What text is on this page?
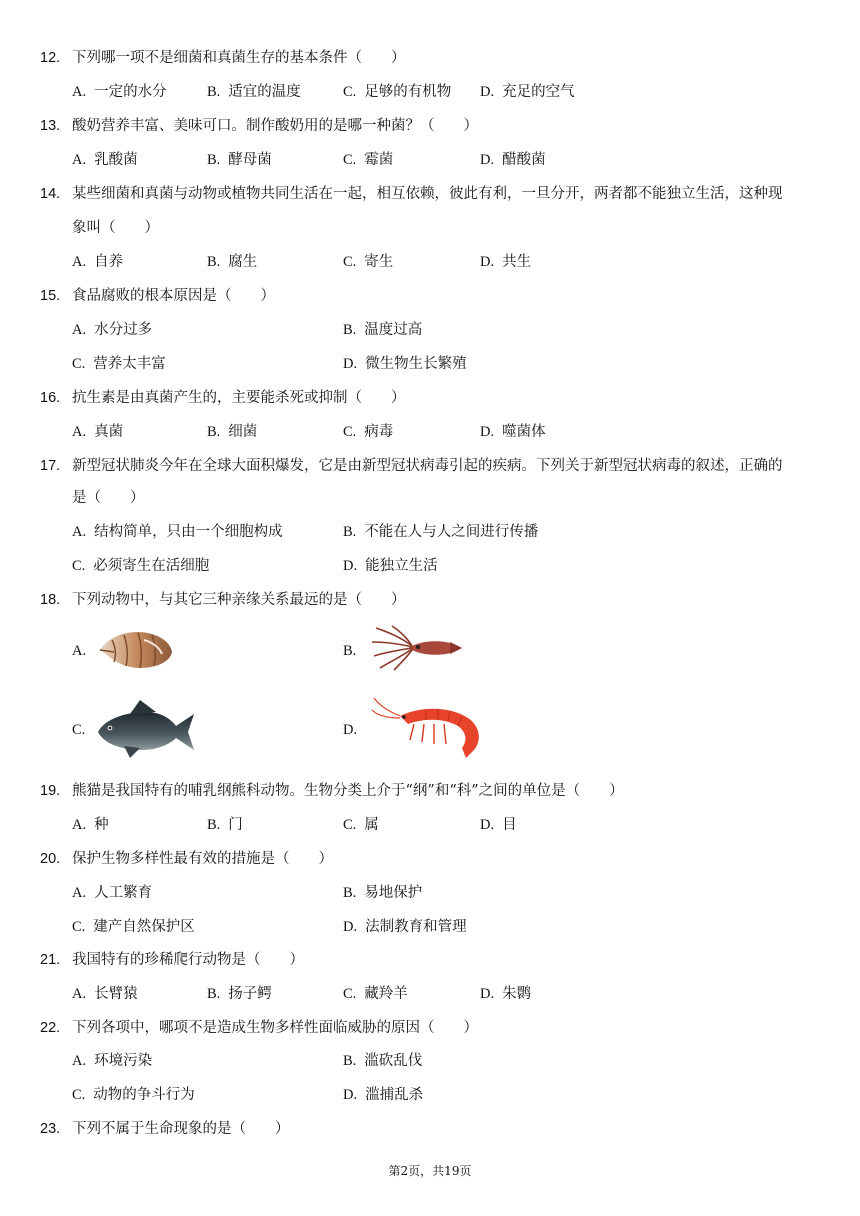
12. 下列哪一项不是细菌和真菌生存的基本条件（　　）
A. 一定的水分	B. 适宜的温度	C. 足够的有机物 D. 充足的空气
13. 酸奶营养丰富、美味可口。制作酸奶用的是哪一种菌？（　　）
A. 乳酸菌	B. 酵母菌	C. 霉菌	D. 醋酸菌
14. 某些细菌和真菌与动物或植物共同生活在一起，相互依赖，彼此有利，一旦分开，两者都不能独立生活，这种现
象叫（　　）
A. 自养	B. 腐生	C. 寄生	D. 共生
15. 食品腐败的根本原因是（　　）
A. 水分过多	B. 温度过高
C. 营养太丰富	D. 微生物生长繁殖
16. 抗生素是由真菌产生的，主要能杀死或抑制（　　）
A. 真菌	B. 细菌	C. 病毒	D. 噬菌体
17. 新型冠状肺炎今年在全球大面积爆发，它是由新型冠状病毒引起的疾病。下列关于新型冠状病毒的叙述，正确的
是（　　）
A. 结构简单，只由一个细胞构成	B. 不能在人与人之间进行传播
C. 必须寄生在活细胞	D. 能独立生活
18. 下列动物中，与其它三种亲缘关系最远的是（　　）
A.	B.
C.	D.
19. 熊猫是我国特有的哺乳纲熊科动物。生物分类上介于“纲”和“科”之间的单位是（　　）
A. 种	B. 门	C. 属	D. 目
20. 保护生物多样性最有效的措施是（　　）
A. 人工繁育	B. 易地保护
C. 建产自然保护区	D. 法制教育和管理
21. 我国特有的珍稀爬行动物是（　　）
A. 长臂猿	B. 扬子鳄	C. 藏羚羊	D. 朱鹮
22. 下列各项中，哪项不是造成生物多样性面临威胁的原因（　　）
A. 环境污染	B. 滥砍乱伐
C. 动物的争斗行为	D. 滥捕乱杀
23. 下列不属于生命现象的是（　　）
第2页，共19页
